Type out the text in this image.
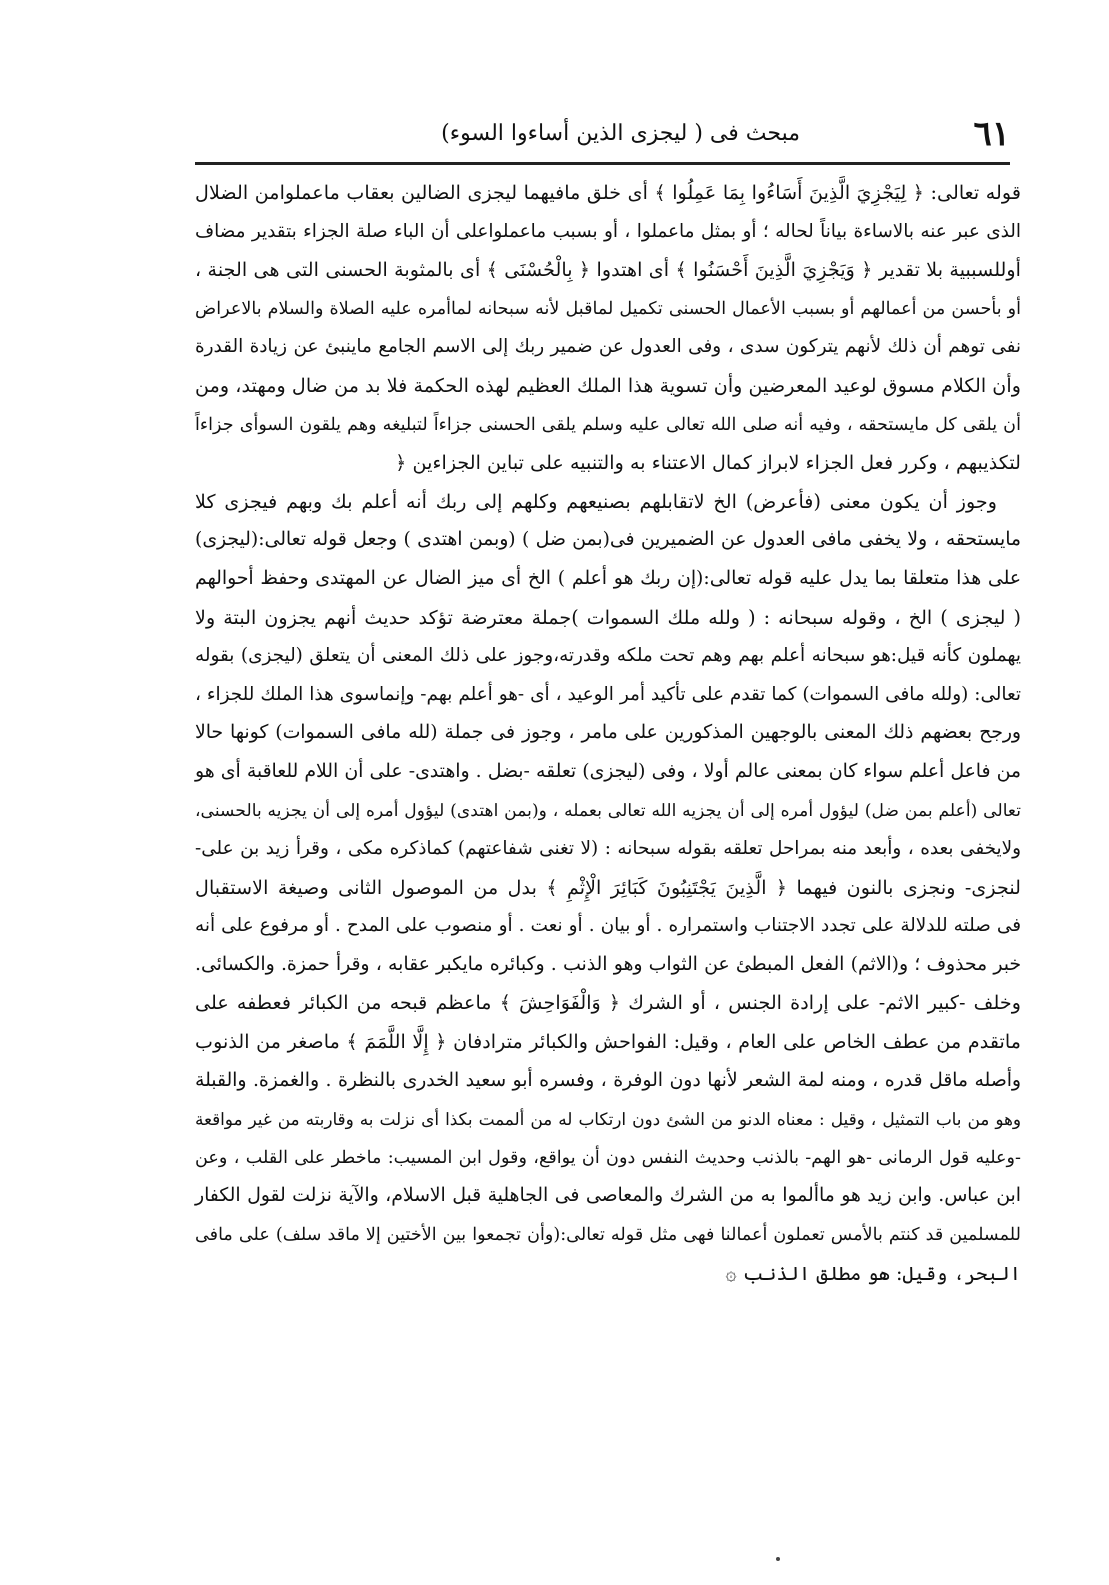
٦١
مبحث فى ( ليجزى الذين أساءوا السوء)
قوله تعالى: ﴿ لِيَجْزِيَ الَّذِينَ أَسَاءُوا بِمَا عَمِلُوا ﴾ أى خلق مافيهما ليجزى الضالين بعقاب ماعملوامن الضلال
الذى عبر عنه بالاساءة بياناً لحاله ؛ أو بمثل ماعملوا ، أو بسبب ماعملواعلى أن الباء صلة الجزاء بتقدير مضاف
أوللسببية بلا تقدير ﴿ وَيَجْزِيَ الَّذِينَ أَحْسَنُوا ﴾ أى اهتدوا ﴿ بِالْحُسْنَى ﴾ أى بالمثوبة الحسنى التى هى الجنة ،
أو بأحسن من أعمالهم أو بسبب الأعمال الحسنى تكميل لماقبل لأنه سبحانه لماأمره عليه الصلاة والسلام بالاعراض
نفى توهم أن ذلك لأنهم يتركون سدى ، وفى العدول عن ضمير ربك إلى الاسم الجامع ماينبئ عن زيادة القدرة
وأن الكلام مسوق لوعيد المعرضين وأن تسوية هذا الملك العظيم لهذه الحكمة فلا بد من ضال ومهتد، ومن
أن يلقى كل مايستحقه ، وفيه أنه صلى الله تعالى عليه وسلم يلقى الحسنى جزاءاً لتبليغه وهم يلقون السوأى جزاءاً
لتكذيبهم ، وكرر فعل الجزاء لابراز كمال الاعتناء به والتنبيه على تباين الجزاءين ﴿
وجوز أن يكون معنى (فأعرض) الخ لاتقابلهم بصنيعهم وكلهم إلى ربك أنه أعلم بك وبهم فيجزى كلا
مايستحقه ، ولا يخفى مافى العدول عن الضميرين فى(بمن ضل ) (وبمن اهتدى ) وجعل قوله تعالى:(ليجزى)
على هذا متعلقا بما يدل عليه قوله تعالى:(إن ربك هو أعلم ) الخ أى ميز الضال عن المهتدى وحفظ أحوالهم
( ليجزى ) الخ ، وقوله سبحانه : ( ولله ملك السموات )جملة معترضة تؤكد حديث أنهم يجزون البتة ولا
يهملون كأنه قيل:هو سبحانه أعلم بهم وهم تحت ملكه وقدرته،وجوز على ذلك المعنى أن يتعلق (ليجزى) بقوله
تعالى: (ولله مافى السموات) كما تقدم على تأكيد أمر الوعيد ، أى -هو أعلم بهم- وإنماسوى هذا الملك للجزاء ،
ورجح بعضهم ذلك المعنى بالوجهين المذكورين على مامر ، وجوز فى جملة (لله مافى السموات) كونها حالا
من فاعل أعلم سواء كان بمعنى عالم أولا ، وفى (ليجزى) تعلقه -بضل . واهتدى- على أن اللام للعاقبة أى هو
تعالى (أعلم بمن ضل) ليؤول أمره إلى أن يجزيه الله تعالى بعمله ، و(بمن اهتدى) ليؤول أمره إلى أن يجزيه بالحسنى،
ولايخفى بعده ، وأبعد منه بمراحل تعلقه بقوله سبحانه : (لا تغنى شفاعتهم) كماذكره مكى ، وقرأ زيد بن على-
لنجزى- ونجزى بالنون فيهما ﴿ الَّذِينَ يَجْتَنِبُونَ كَبَائِرَ الْإِثْمِ ﴾ بدل من الموصول الثانى وصيغة الاستقبال
فى صلته للدلالة على تجدد الاجتناب واستمراره . أو بيان . أو نعت . أو منصوب على المدح . أو مرفوع على أنه
خبر محذوف ؛ و(الاثم) الفعل المبطئ عن الثواب وهو الذنب . وكبائره مايكبر عقابه ، وقرأ حمزة. والكسائى.
وخلف -كبير الاثم- على إرادة الجنس ، أو الشرك ﴿ وَالْفَوَاحِشَ ﴾ ماعظم قبحه من الكبائر فعطفه على
ماتقدم من عطف الخاص على العام ، وقيل: الفواحش والكبائر مترادفان ﴿ إِلَّا اللَّمَمَ ﴾ ماصغر من الذنوب
وأصله ماقل قدره ، ومنه لمة الشعر لأنها دون الوفرة ، وفسره أبو سعيد الخدرى بالنظرة . والغمزة. والقبلة
وهو من باب التمثيل ، وقيل : معناه الدنو من الشئ دون ارتكاب له من ألممت بكذا أى نزلت به وقاربته من غير مواقعة
-وعليه قول الرمانى -هو الهم- بالذنب وحديث النفس دون أن يواقع، وقول ابن المسيب: ماخطر على القلب ، وعن
ابن عباس. وابن زيد هو ماألموا به من الشرك والمعاصى فى الجاهلية قبل الاسلام، والآية نزلت لقول الكفار
للمسلمين قد كنتم بالأمس تعملون أعمالنا فهى مثل قوله تعالى:(وأن تجمعوا بين الأختين إلا ماقد سلف) على مافى
البحر، وقيل: هو مطلق الذنب ۞
